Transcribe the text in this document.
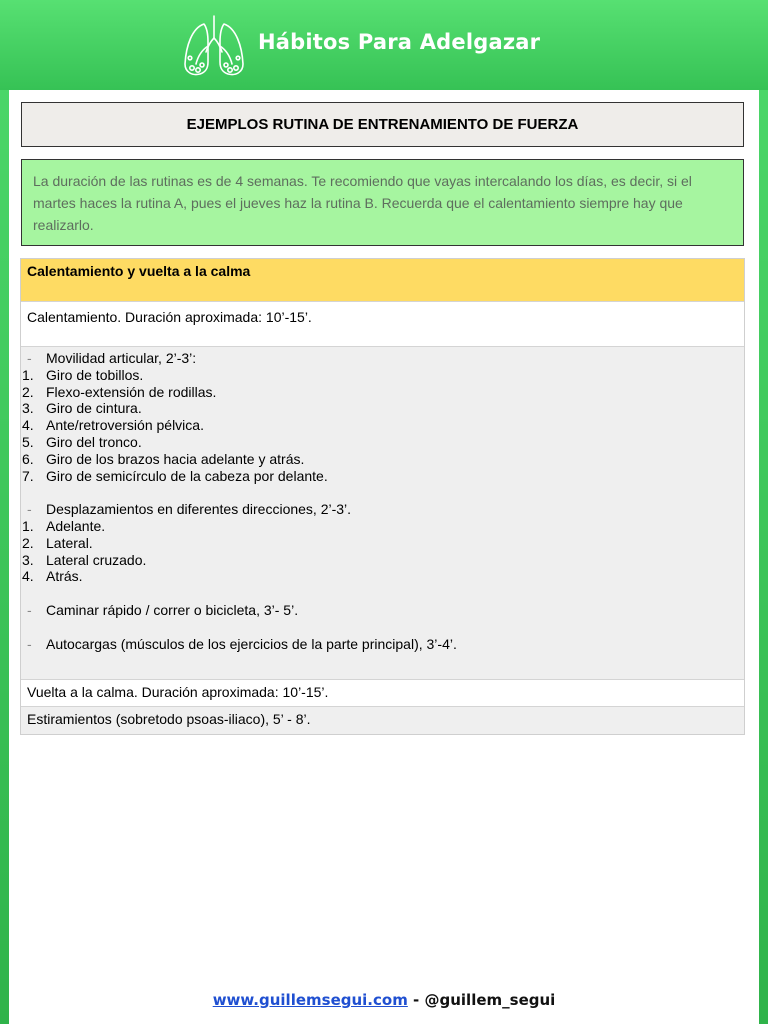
Hábitos Para Adelgazar
EJEMPLOS RUTINA DE ENTRENAMIENTO DE FUERZA
La duración de las rutinas es de 4 semanas. Te recomiendo que vayas intercalando los días, es decir, si el martes haces la rutina A, pues el jueves haz la rutina B. Recuerda que el calentamiento siempre hay que realizarlo.
Calentamiento y vuelta a la calma
Calentamiento. Duración aproximada: 10’-15’.
- Movilidad articular, 2’-3’:
1. Giro de tobillos.
2. Flexo-extensión de rodillas.
3. Giro de cintura.
4. Ante/retroversión pélvica.
5. Giro del tronco.
6. Giro de los brazos hacia adelante y atrás.
7. Giro de semicírculo de la cabeza por delante.
- Desplazamientos en diferentes direcciones, 2’-3’.
1. Adelante.
2. Lateral.
3. Lateral cruzado.
4. Atrás.
- Caminar rápido / correr o bicicleta, 3’- 5’.
- Autocargas (músculos de los ejercicios de la parte principal), 3’-4’.
Vuelta a la calma. Duración aproximada: 10’-15’.
Estiramientos (sobretodo psoas-iliaco), 5’ - 8’.
www.guillemsegui.com - @guillem_segui
